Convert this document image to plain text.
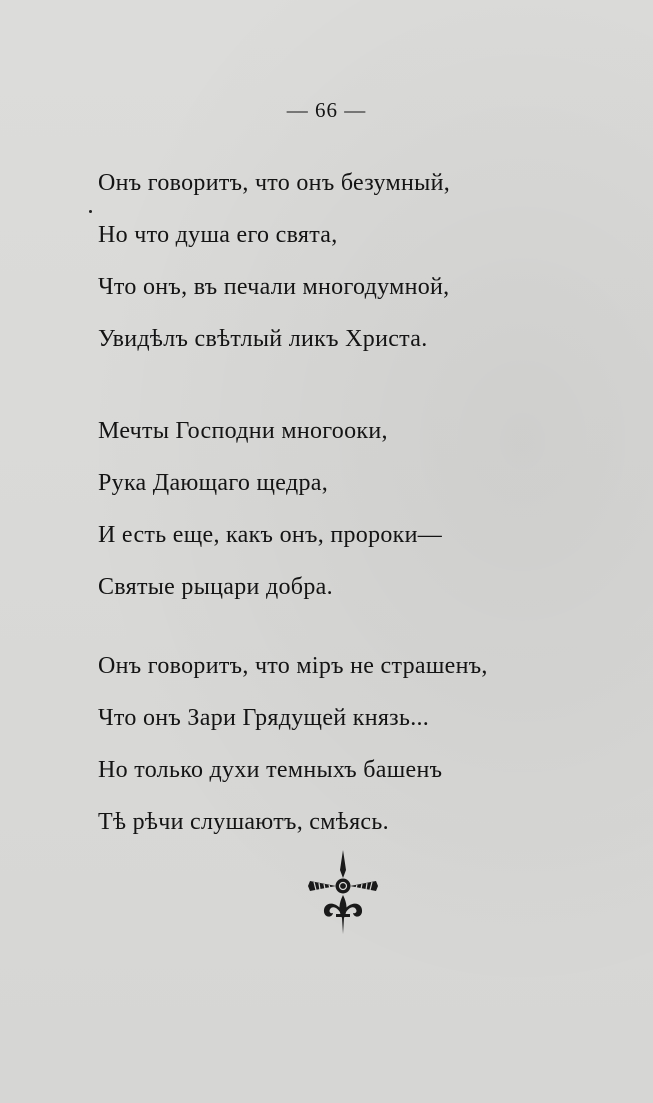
— 66 —
Онъ говоритъ, что онъ безумный,
Но что душа его свята,
Что онъ, въ печали многодумной,
Увидѣлъ свѣтлый ликъ Христа.
Мечты Господни многооки,
Рука Дающаго щедра,
И есть еще, какъ онъ, пророки—
Святые рыцари добра.
Онъ говоритъ, что міръ не страшенъ,
Что онъ Зари Грядущей князь...
Но только духи темныхъ башенъ
Тѣ рѣчи слушаютъ, смѣясь.
